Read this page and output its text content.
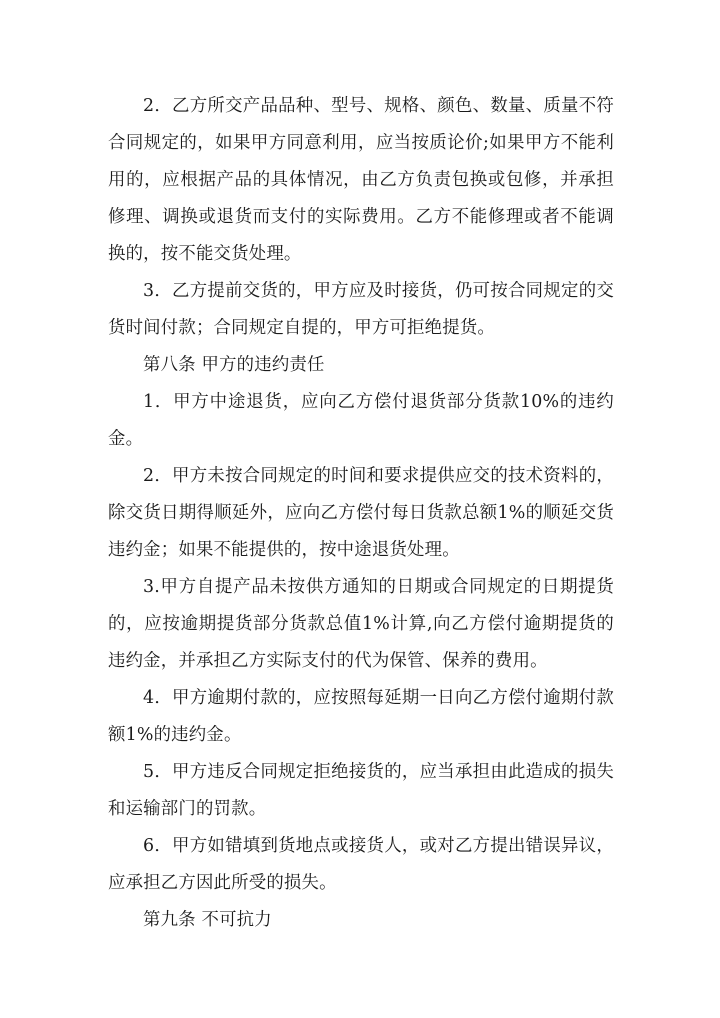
2．乙方所交产品品种、型号、规格、颜色、数量、质量不符合同规定的，如果甲方同意利用，应当按质论价;如果甲方不能利用的，应根据产品的具体情况，由乙方负责包换或包修，并承担修理、调换或退货而支付的实际费用。乙方不能修理或者不能调换的，按不能交货处理。

3．乙方提前交货的，甲方应及时接货，仍可按合同规定的交货时间付款；合同规定自提的，甲方可拒绝提货。

第八条 甲方的违约责任

1．甲方中途退货，应向乙方偿付退货部分货款10%的违约金。

2．甲方未按合同规定的时间和要求提供应交的技术资料的，除交货日期得顺延外，应向乙方偿付每日货款总额1%的顺延交货违约金；如果不能提供的，按中途退货处理。

3.甲方自提产品未按供方通知的日期或合同规定的日期提货的，应按逾期提货部分货款总值1%计算,向乙方偿付逾期提货的违约金，并承担乙方实际支付的代为保管、保养的费用。

4．甲方逾期付款的，应按照每延期一日向乙方偿付逾期付款额1%的违约金。

5．甲方违反合同规定拒绝接货的，应当承担由此造成的损失和运输部门的罚款。

6．甲方如错填到货地点或接货人，或对乙方提出错误异议，应承担乙方因此所受的损失。

第九条 不可抗力
